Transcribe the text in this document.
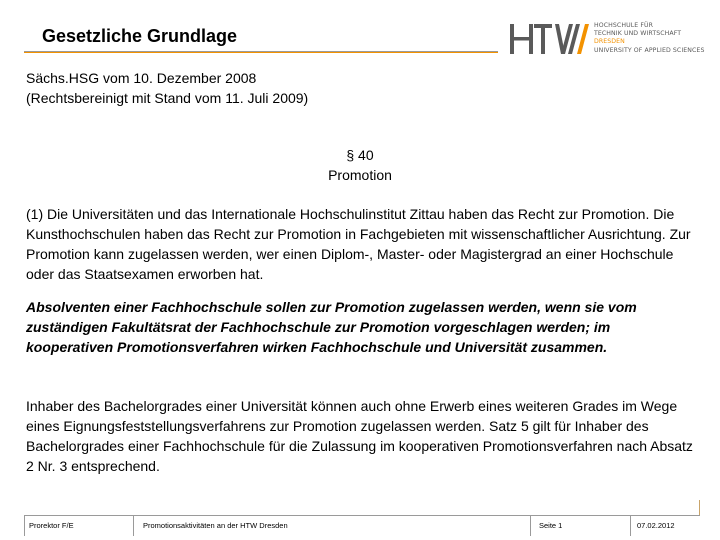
Gesetzliche Grundlage
HOCHSCHULE FÜR
TECHNIK UND WIRTSCHAFT
DRESDEN
UNIVERSITY OF APPLIED SCIENCES
Sächs.HSG vom 10. Dezember 2008
(Rechtsbereinigt mit Stand vom 11. Juli 2009)
§ 40
Promotion

(1) Die Universitäten und das Internationale Hochschulinstitut Zittau haben das Recht zur Promotion. Die Kunsthochschulen haben das Recht zur Promotion in Fachgebieten mit wissenschaftlicher Ausrichtung. Zur Promotion kann zugelassen werden, wer einen Diplom-, Master- oder Magistergrad an einer Hochschule oder das Staatsexamen erworben hat.

Absolventen einer Fachhochschule sollen zur Promotion zugelassen werden, wenn sie vom zuständigen Fakultätsrat der Fachhochschule zur Promotion vorgeschlagen werden; im kooperativen Promotionsverfahren wirken Fachhochschule und Universität zusammen.

Inhaber des Bachelorgrades einer Universität können auch ohne Erwerb eines weiteren Grades im Wege eines Eignungsfeststellungsverfahrens zur Promotion zugelassen werden. Satz 5 gilt für Inhaber des Bachelorgrades einer Fachhochschule für die Zulassung im kooperativen Promotionsverfahren nach Absatz 2 Nr. 3 entsprechend.

Prorektor F/E	Promotionsaktivitäten an der HTW Dresden	Seite 1	07.02.2012
